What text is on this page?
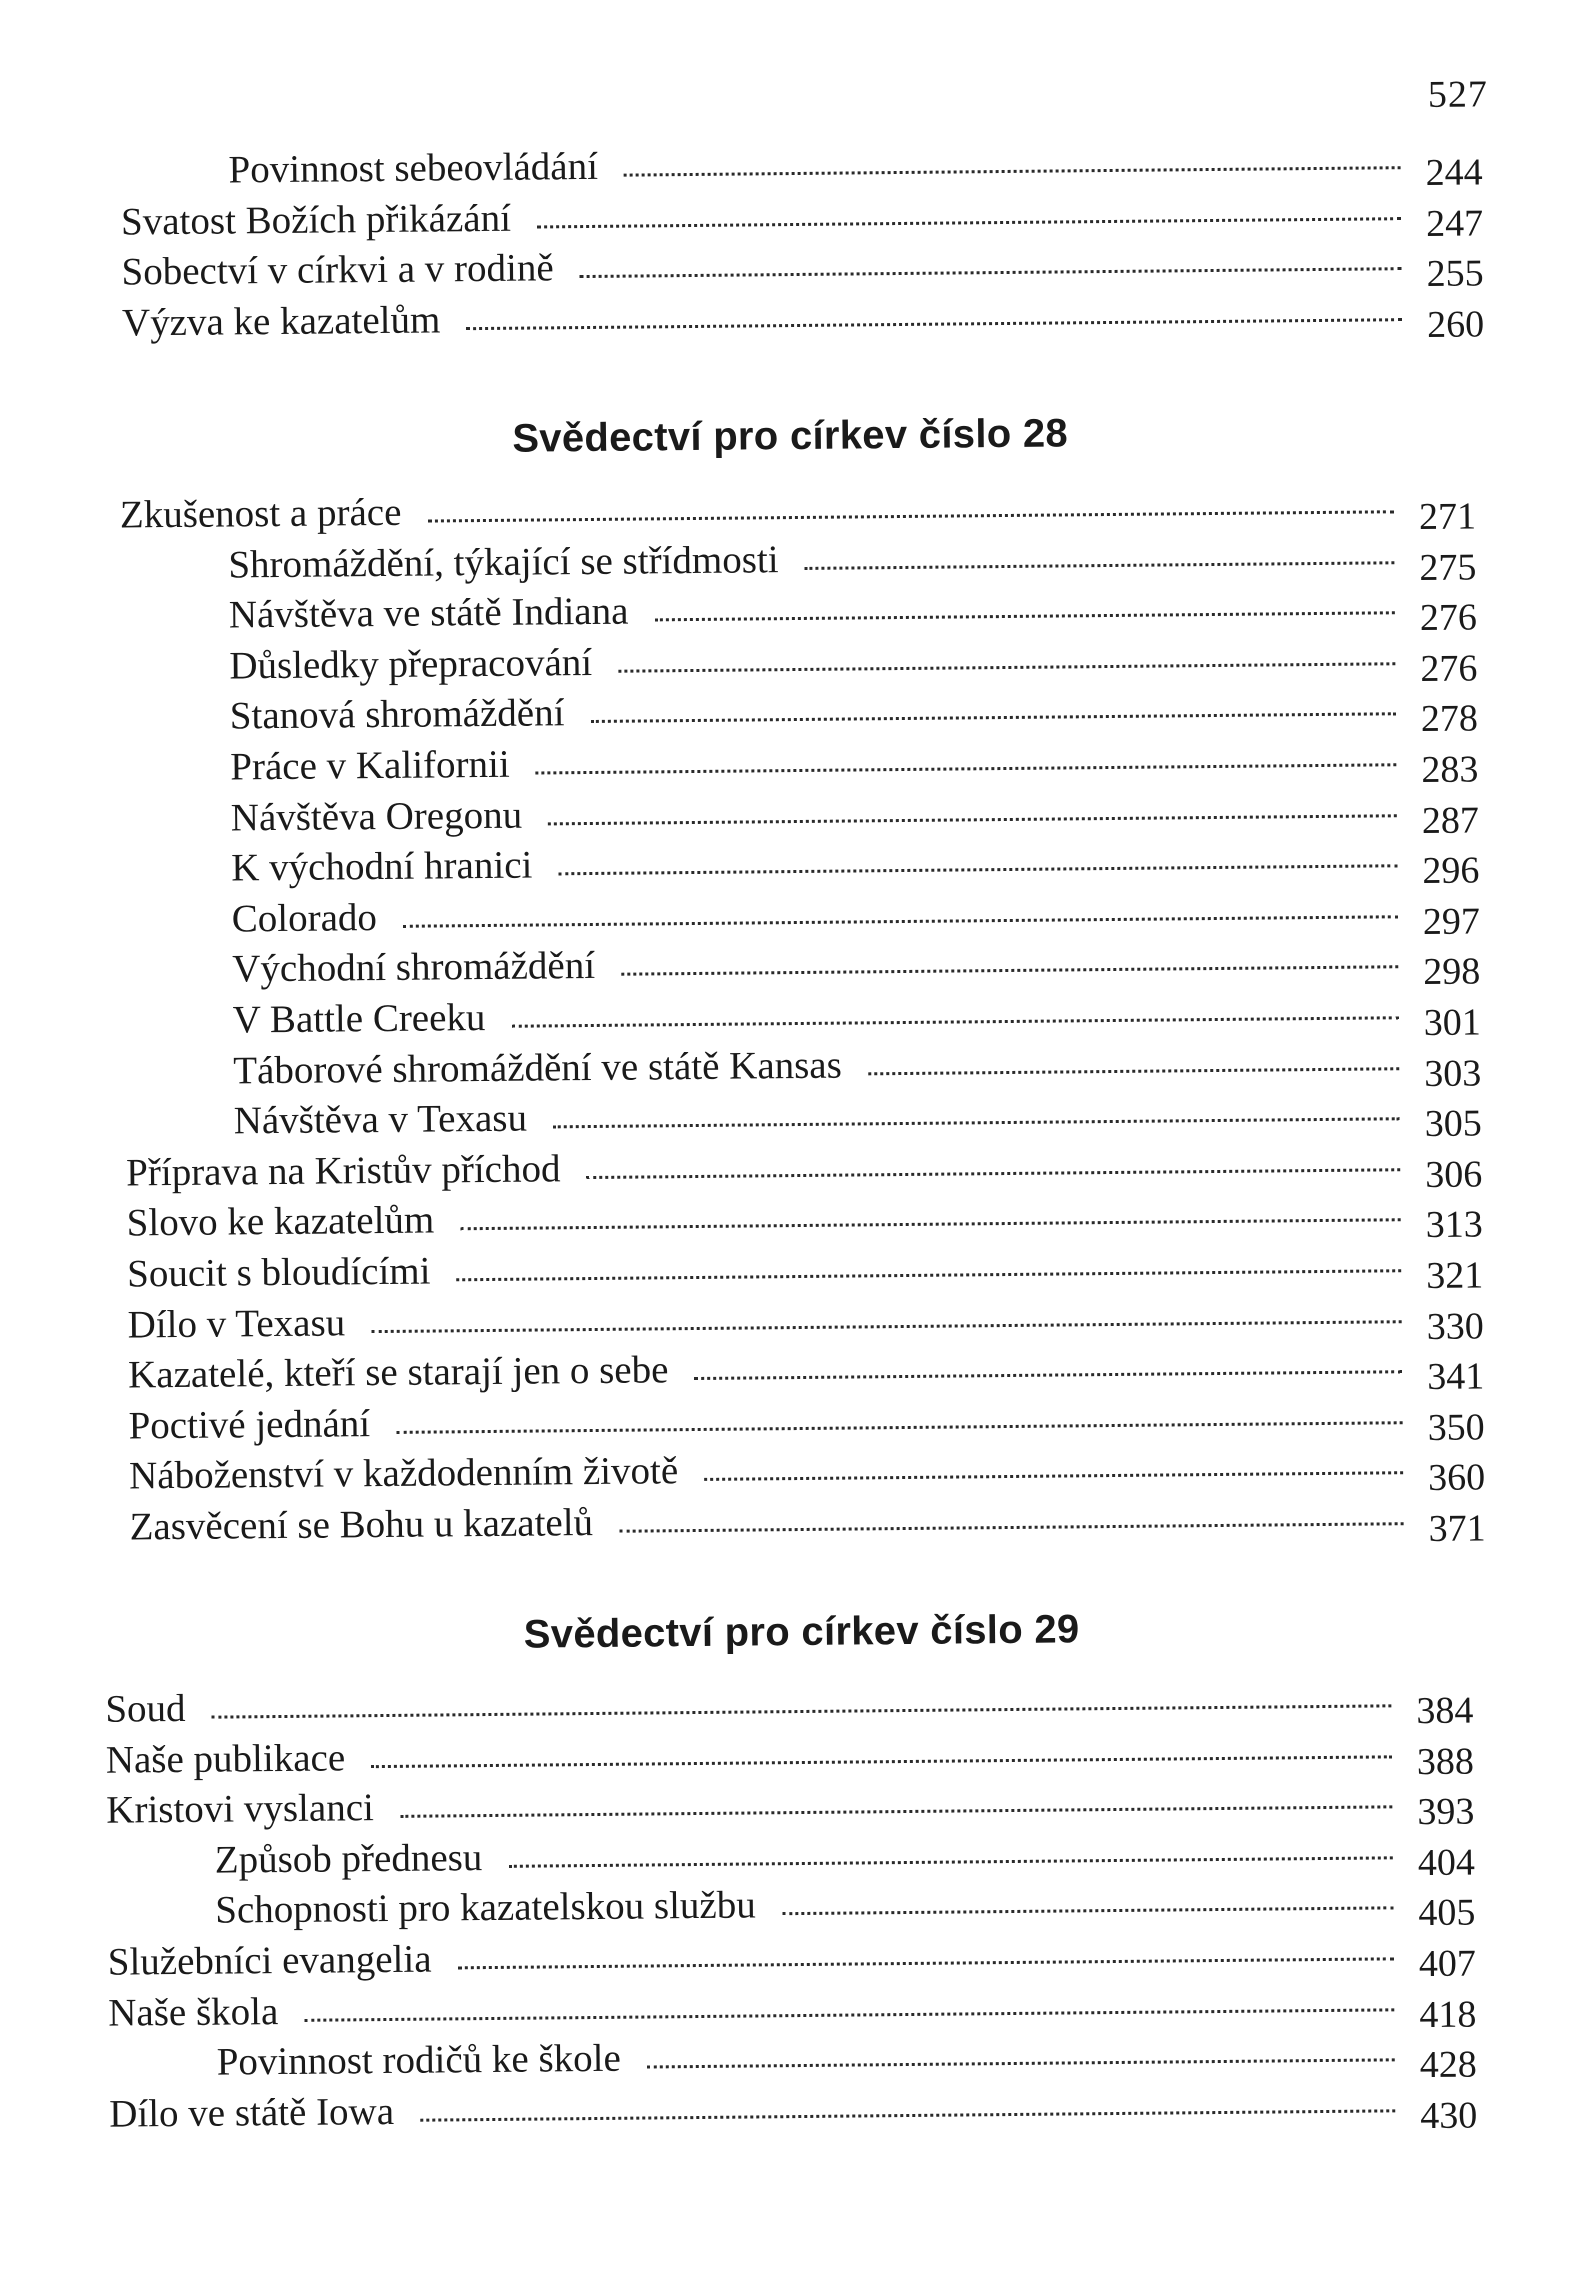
527
Povinnost sebeovládání	244
Svatost Božích přikázání	247
Sobectví v církvi a v rodině	255
Výzva ke kazatelům	260
Svědectví pro církev číslo 28
Zkušenost a práce	271
Shromáždění, týkající se střídmosti	275
Návštěva ve státě Indiana	276
Důsledky přepracování	276
Stanová shromáždění	278
Práce v Kalifornii	283
Návštěva Oregonu	287
K východní hranici	296
Colorado	297
Východní shromáždění	298
V Battle Creeku	301
Táborové shromáždění ve státě Kansas	303
Návštěva v Texasu	305
Příprava na Kristův příchod	306
Slovo ke kazatelům	313
Soucit s bloudícími	321
Dílo v Texasu	330
Kazatelé, kteří se starají jen o sebe	341
Poctivé jednání	350
Náboženství v každodenním životě	360
Zasvěcení se Bohu u kazatelů	371
Svědectví pro církev číslo 29
Soud	384
Naše publikace	388
Kristovi vyslanci	393
Způsob přednesu	404
Schopnosti pro kazatelskou službu	405
Služebníci evangelia	407
Naše škola	418
Povinnost rodičů ke škole	428
Dílo ve státě Iowa	430
